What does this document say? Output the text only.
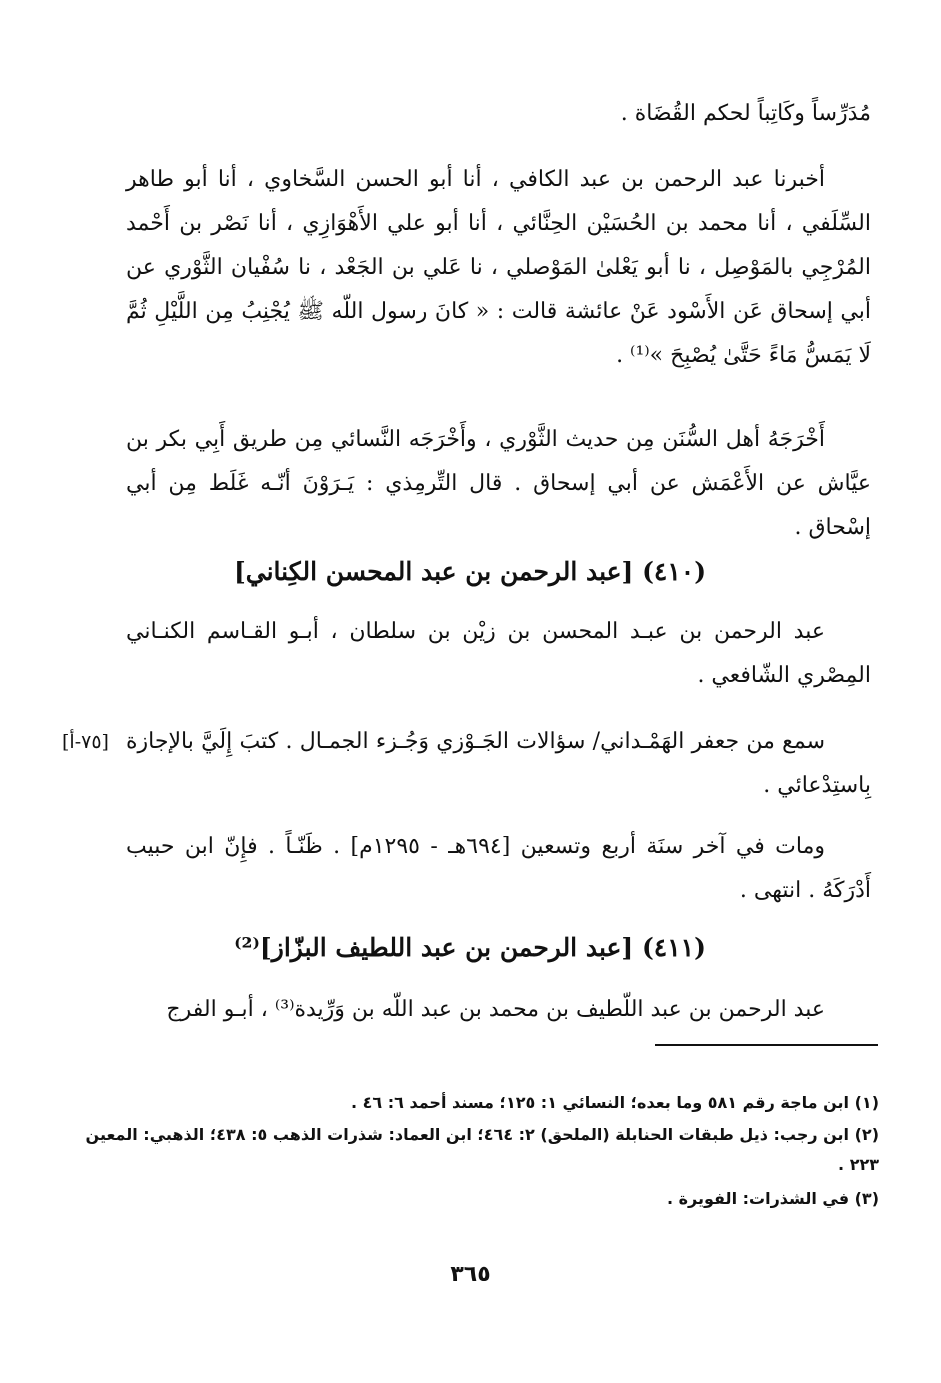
مُدَرِّساً وكَاتِباً لحكم القُضَاة .

أخبرنا عبد الرحمن بن عبد الكافي ، أنا أبو الحسن السَّخاوي ، أنا أبو طاهر السِّلَفي ، أنا محمد بن الحُسَيْن الحِنَّائي ، أنا أبو علي الأَهْوَازِي ، أنا نَصْر بن أَحْمد المُرْجِي بالمَوْصِل ، نا أبو يَعْلىٰ المَوْصلي ، نا عَلي بن الجَعْد ، نا سُفْيان الثَّوْري عن أبي إسحاق عَن الأَسْود عَنْ عائشة قالت : « كانَ رسول اللّه ﷺ يُجْنِبُ مِن اللَّيْلِ ثُمَّ لَا يَمَسُّ مَاءً حَتَّىٰ يُصْبِحَ »⁽¹⁾ .

أَخْرَجَهُ أهل السُّنَن مِن حديث الثَّوْري ، وأَخْرَجَه النَّسائي مِن طريق أَبِي بكر بن عيَّاش عن الأَعْمَش عن أبي إسحاق . قال التِّرمِذي : يَـرَوْنَ أنّـه غَلَط مِن أبي إسْحاق .

(٤١٠) [عبد الرحمن بن عبد المحسن الكِناني]

عبد الرحمن بن عبـد المحسن بن زيْن بن سلطان ، أبـو القـاسم الكنـاني المِصْري الشّافعي .

سمع من جعفر الهَمْـداني/ سؤالات الجَـوْزي وَجُـزء الجمـال . كتبَ إِلَيَّ بالإجازة بِاستِدْعائي .

[٧٥-أ]

ومات في آخر سنَة أربع وتسعين [٦٩٤هـ - ١٢٩٥م] . ظَنّـاً . فإِنّ ابن حبيب أَدْرَكَهُ . انتهى .

(٤١١) [عبد الرحمن بن عبد اللطيف البزّاز]⁽²⁾

عبد الرحمن بن عبد اللّطيف بن محمد بن عبد اللّه بن وَرِّيدة⁽³⁾ ، أبـو الفرج

(١) ابن ماجة رقم ٥٨١ وما بعده؛ النسائي ١: ١٢٥؛ مسند أحمد ٦: ٤٦ .

(٢) ابن رجب: ذيل طبقات الحنابلة (الملحق) ٢: ٤٦٤؛ ابن العماد: شذرات الذهب ٥: ٤٣٨؛ الذهبي: المعين ٢٢٣ .

(٣) في الشذرات: الفويرة .

٣٦٥
